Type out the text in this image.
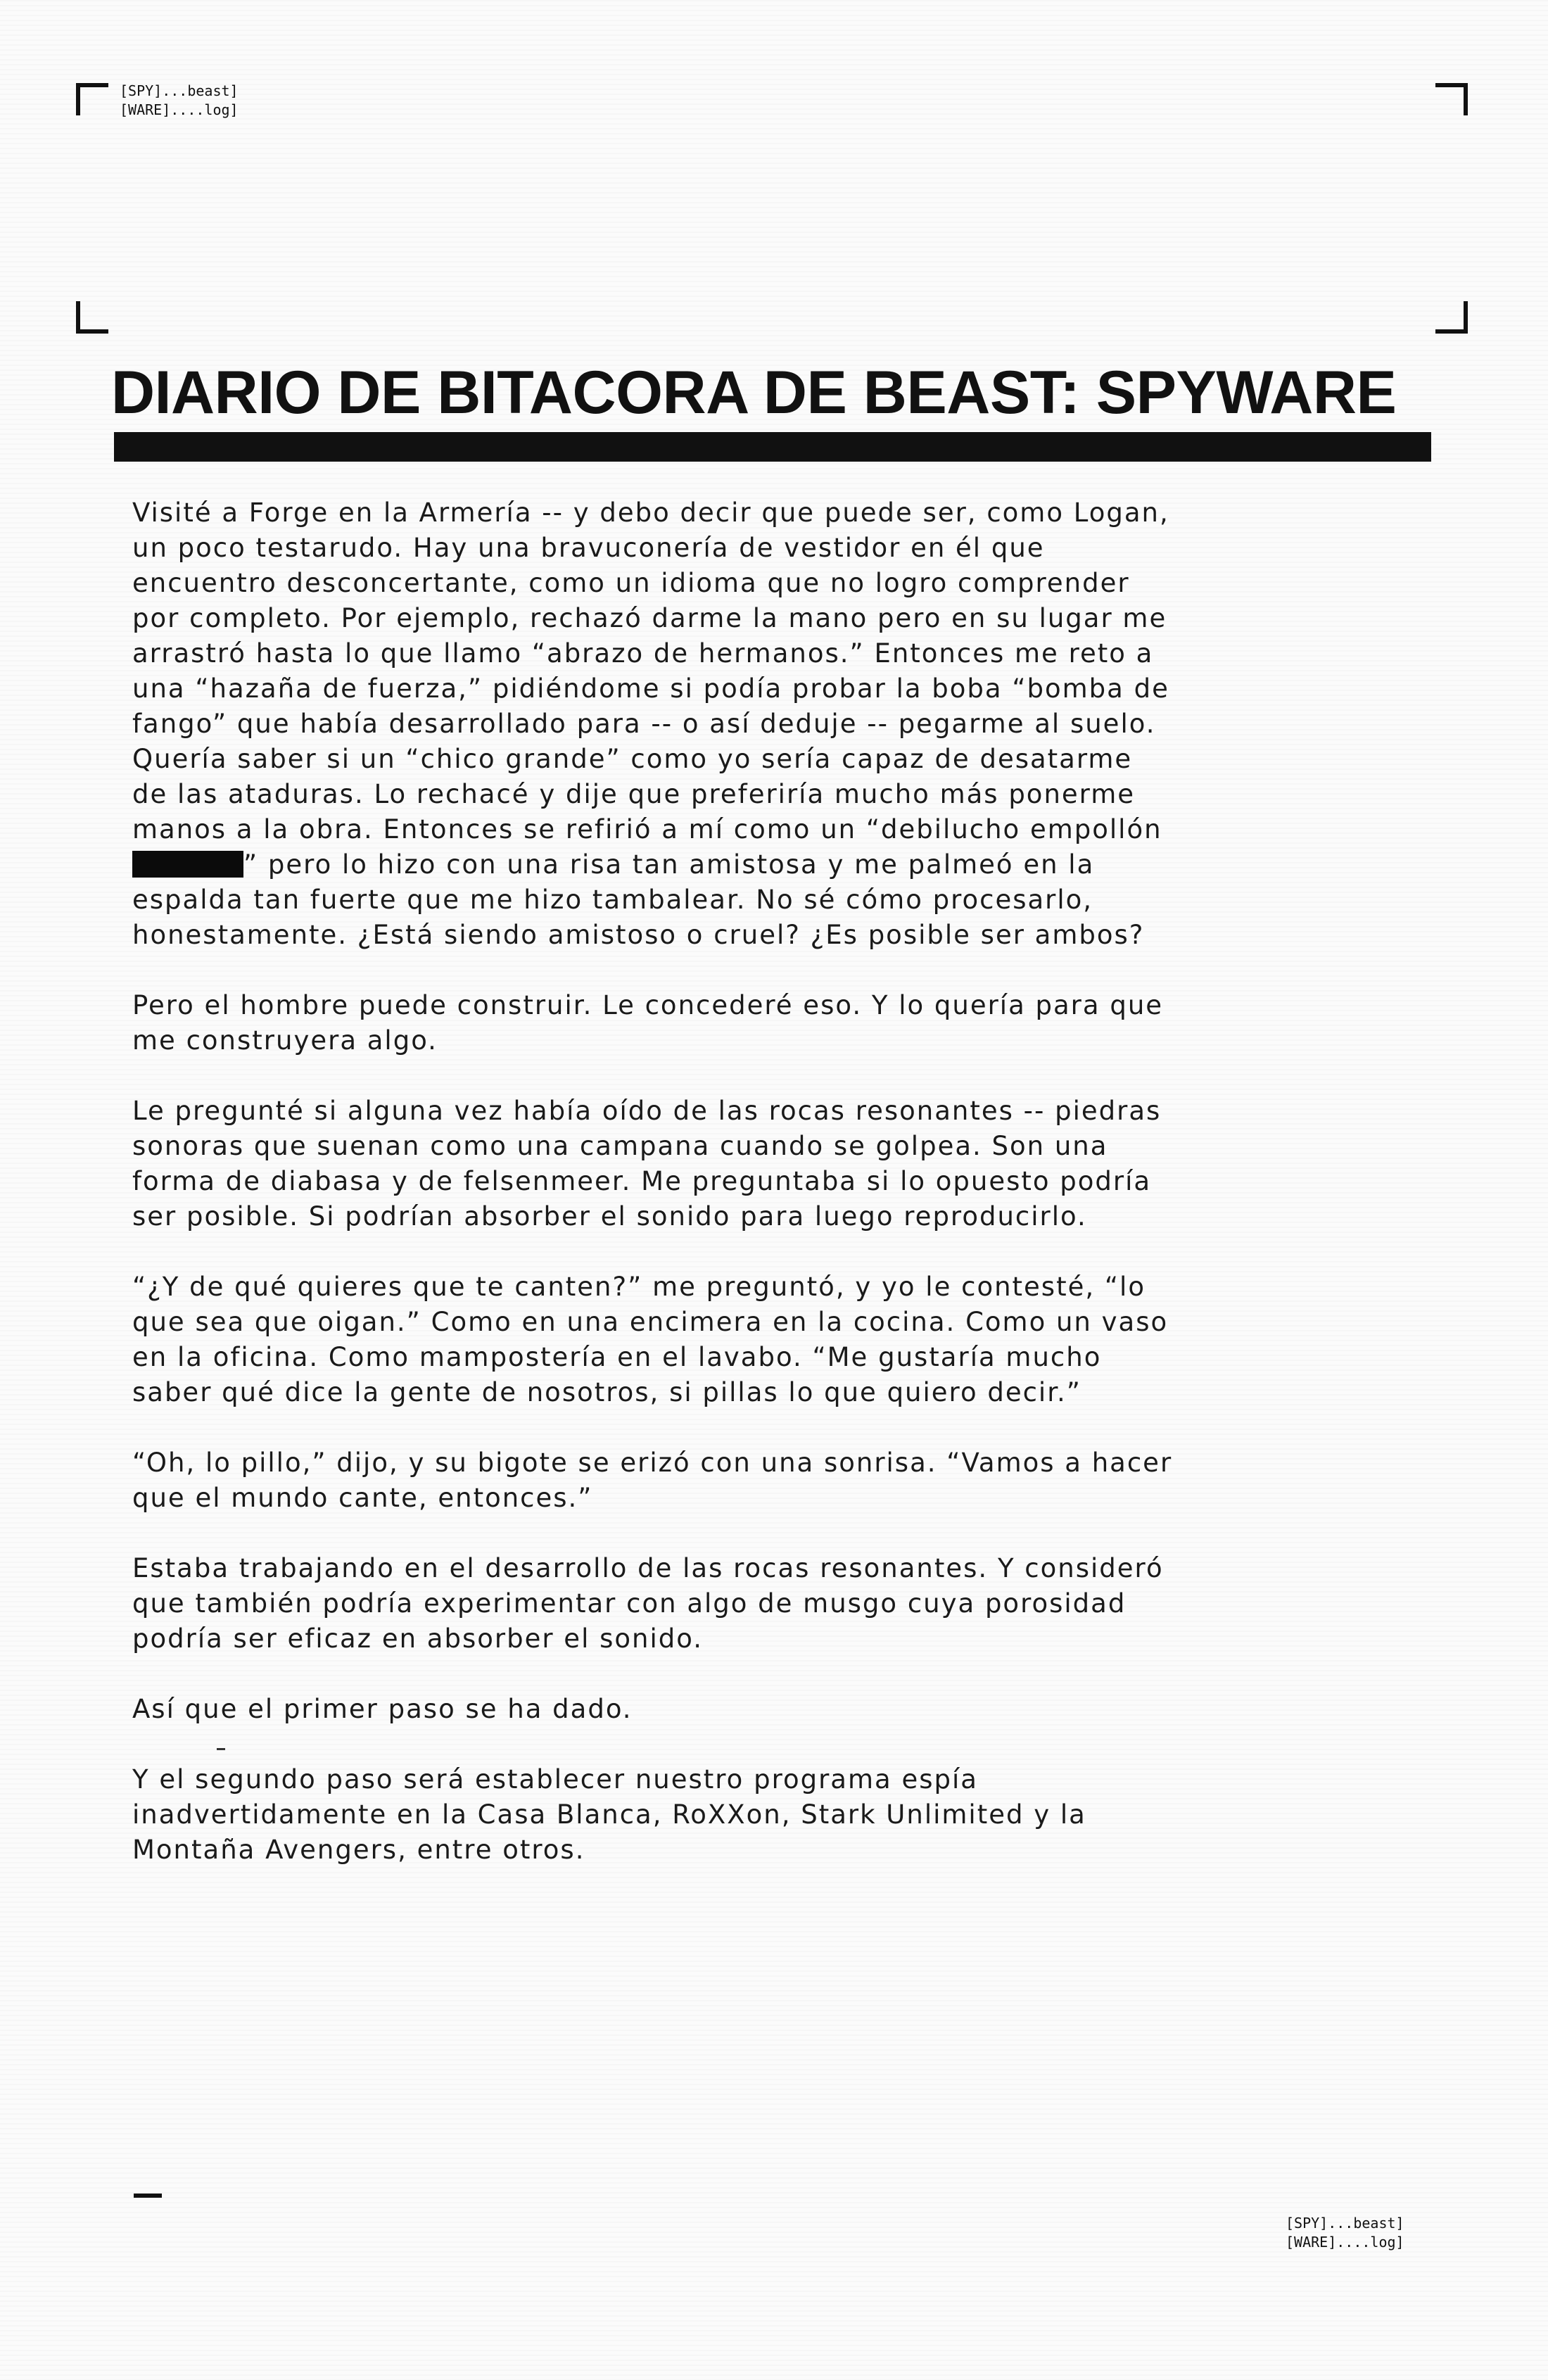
[SPY]...beast]
[WARE]....log]
DIARIO DE BITACORA DE BEAST: SPYWARE

Visité a Forge en la Armería -- y debo decir que puede ser, como Logan, un poco testarudo. Hay una bravuconería de vestidor en él que encuentro desconcertante, como un idioma que no logro comprender por completo. Por ejemplo, rechazó darme la mano pero en su lugar me arrastró hasta lo que llamo “abrazo de hermanos.” Entonces me reto a una “hazaña de fuerza,” pidiéndome si podía probar la boba “bomba de fango” que había desarrollado para -- o así deduje -- pegarme al suelo. Quería saber si un “chico grande” como yo sería capaz de desatarme de las ataduras. Lo rechacé y dije que preferiría mucho más ponerme manos a la obra. Entonces se refirió a mí como un “debilucho empollón” pero lo hizo con una risa tan amistosa y me palmeó en la espalda tan fuerte que me hizo tambalear. No sé cómo procesarlo, honestamente. ¿Está siendo amistoso o cruel? ¿Es posible ser ambos?

Pero el hombre puede construir. Le concederé eso. Y lo quería para que me construyera algo.

Le pregunté si alguna vez había oído de las rocas resonantes -- piedras sonoras que suenan como una campana cuando se golpea. Son una forma de diabasa y de felsenmeer. Me preguntaba si lo opuesto podría ser posible. Si podrían absorber el sonido para luego reproducirlo.

“¿Y de qué quieres que te canten?” me preguntó, y yo le contesté, “lo que sea que oigan.” Como en una encimera en la cocina. Como un vaso en la oficina. Como mampostería en el lavabo. “Me gustaría mucho saber qué dice la gente de nosotros, si pillas lo que quiero decir.”

“Oh, lo pillo,” dijo, y su bigote se erizó con una sonrisa. “Vamos a hacer que el mundo cante, entonces.”

Estaba trabajando en el desarrollo de las rocas resonantes. Y consideró que también podría experimentar con algo de musgo cuya porosidad podría ser eficaz en absorber el sonido.

Así que el primer paso se ha dado.

Y el segundo paso será establecer nuestro programa espía inadvertidamente en la Casa Blanca, RoXXon, Stark Unlimited y la Montaña Avengers, entre otros.

[SPY]...beast]
[WARE]....log]
